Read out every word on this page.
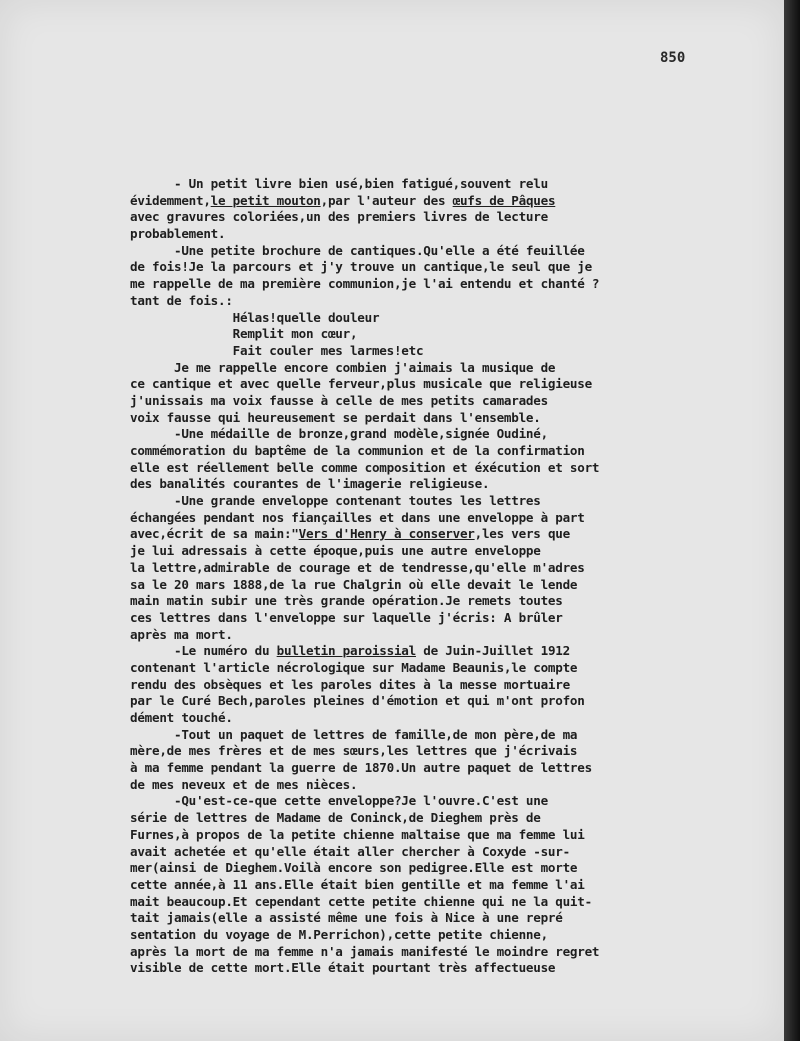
850
- Un petit livre bien usé,bien fatigué,souvent relu
évidemment,le petit mouton,par l'auteur des œufs de Pâques
avec gravures coloriées,un des premiers livres de lecture
probablement.
-Une petite brochure de cantiques.Qu'elle a été feuillée
de fois!Je la parcours et j'y trouve un cantique,le seul que je
me rappelle de ma première communion,je l'ai entendu et chanté ?
tant de fois.:
Hélas!quelle douleur
Remplit mon cœur,
Fait couler mes larmes!etc
Je me rappelle encore combien j'aimais la musique de
ce cantique et avec quelle ferveur,plus musicale que religieuse
j'unissais ma voix fausse à celle de mes petits camarades
voix fausse qui heureusement se perdait dans l'ensemble.
-Une médaille de bronze,grand modèle,signée Oudiné,
commémoration du baptême de la communion et de la confirmation
elle est réellement belle comme composition et éxécution et sort
des banalités courantes de l'imagerie religieuse.
-Une grande enveloppe contenant toutes les lettres
échangées pendant nos fiançailles et dans une enveloppe à part
avec,écrit de sa main:"Vers d'Henry à conserver,les vers que
je lui adressais à cette époque,puis une autre enveloppe
la lettre,admirable de courage et de tendresse,qu'elle m'adres
sa le 20 mars 1888,de la rue Chalgrin où elle devait le lende
main matin subir une très grande opération.Je remets toutes
ces lettres dans l'enveloppe sur laquelle j'écris: A brûler
après ma mort.
-Le numéro du bulletin paroissial de Juin-Juillet 1912
contenant l'article nécrologique sur Madame Beaunis,le compte
rendu des obsèques et les paroles dites à la messe mortuaire
par le Curé Bech,paroles pleines d'émotion et qui m'ont profon
dément touché.
-Tout un paquet de lettres de famille,de mon père,de ma
mère,de mes frères et de mes sœurs,les lettres que j'écrivais
à ma femme pendant la guerre de 1870.Un autre paquet de lettres
de mes neveux et de mes nièces.
-Qu'est-ce-que cette enveloppe?Je l'ouvre.C'est une
série de lettres de Madame de Coninck,de Dieghem près de
Furnes,à propos de la petite chienne maltaise que ma femme lui
avait achetée et qu'elle était aller chercher à Coxyde -sur-
mer(ainsi de Dieghem.Voilà encore son pedigree.Elle est morte
cette année,à 11 ans.Elle était bien gentille et ma femme l'ai
mait beaucoup.Et cependant cette petite chienne qui ne la quit-
tait jamais(elle a assisté même une fois à Nice à une repré
sentation du voyage de M.Perrichon),cette petite chienne,
après la mort de ma femme n'a jamais manifesté le moindre regret
visible de cette mort.Elle était pourtant très affectueuse
